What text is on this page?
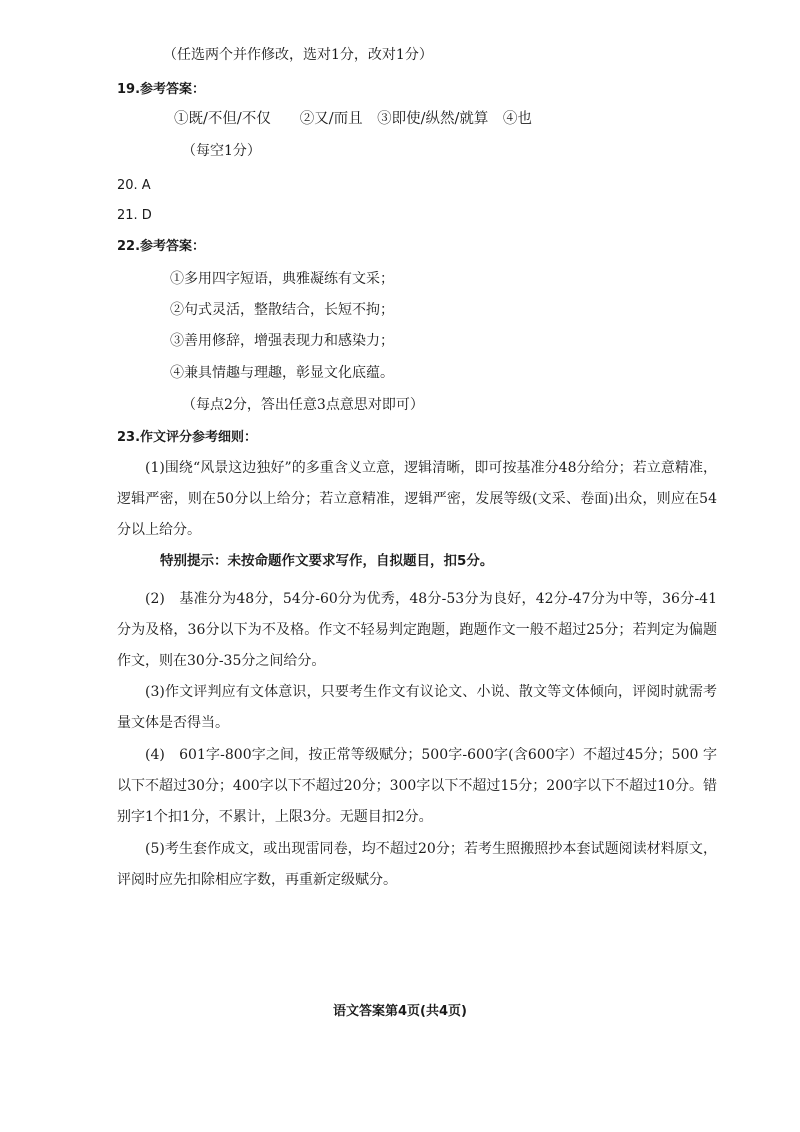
（任选两个并作修改，选对1分，改对1分）
19.参考答案：
①既/不但/不仅　　②又/而且　③即使/纵然/就算　④也
（每空1分）
20. A
21. D
22.参考答案：
①多用四字短语，典雅凝练有文采；
②句式灵活，整散结合，长短不拘；
③善用修辞，增强表现力和感染力；
④兼具情趣与理趣，彰显文化底蕴。
（每点2分，答出任意3点意思对即可）
23.作文评分参考细则：
(1)围绕“风景这边独好”的多重含义立意，逻辑清晰，即可按基准分48分给分；若立意精准，逻辑严密，则在50分以上给分；若立意精准，逻辑严密，发展等级(文采、卷面)出众，则应在54分以上给分。
特别提示：未按命题作文要求写作，自拟题目，扣5分。
(2)　基准分为48分，54分-60分为优秀，48分-53分为良好，42分-47分为中等，36分-41分为及格，36分以下为不及格。作文不轻易判定跑题，跑题作文一般不超过25分；若判定为偏题作文，则在30分-35分之间给分。
(3)作文评判应有文体意识，只要考生作文有议论文、小说、散文等文体倾向，评阅时就需考量文体是否得当。
(4)　601字-800字之间，按正常等级赋分；500字-600字(含600字）不超过45分；500 字以下不超过30分；400字以下不超过20分；300字以下不超过15分；200字以下不超过10分。错别字1个扣1分，不累计，上限3分。无题目扣2分。
(5)考生套作成文，或出现雷同卷，均不超过20分；若考生照搬照抄本套试题阅读材料原文，评阅时应先扣除相应字数，再重新定级赋分。
语文答案第4页(共4页)
